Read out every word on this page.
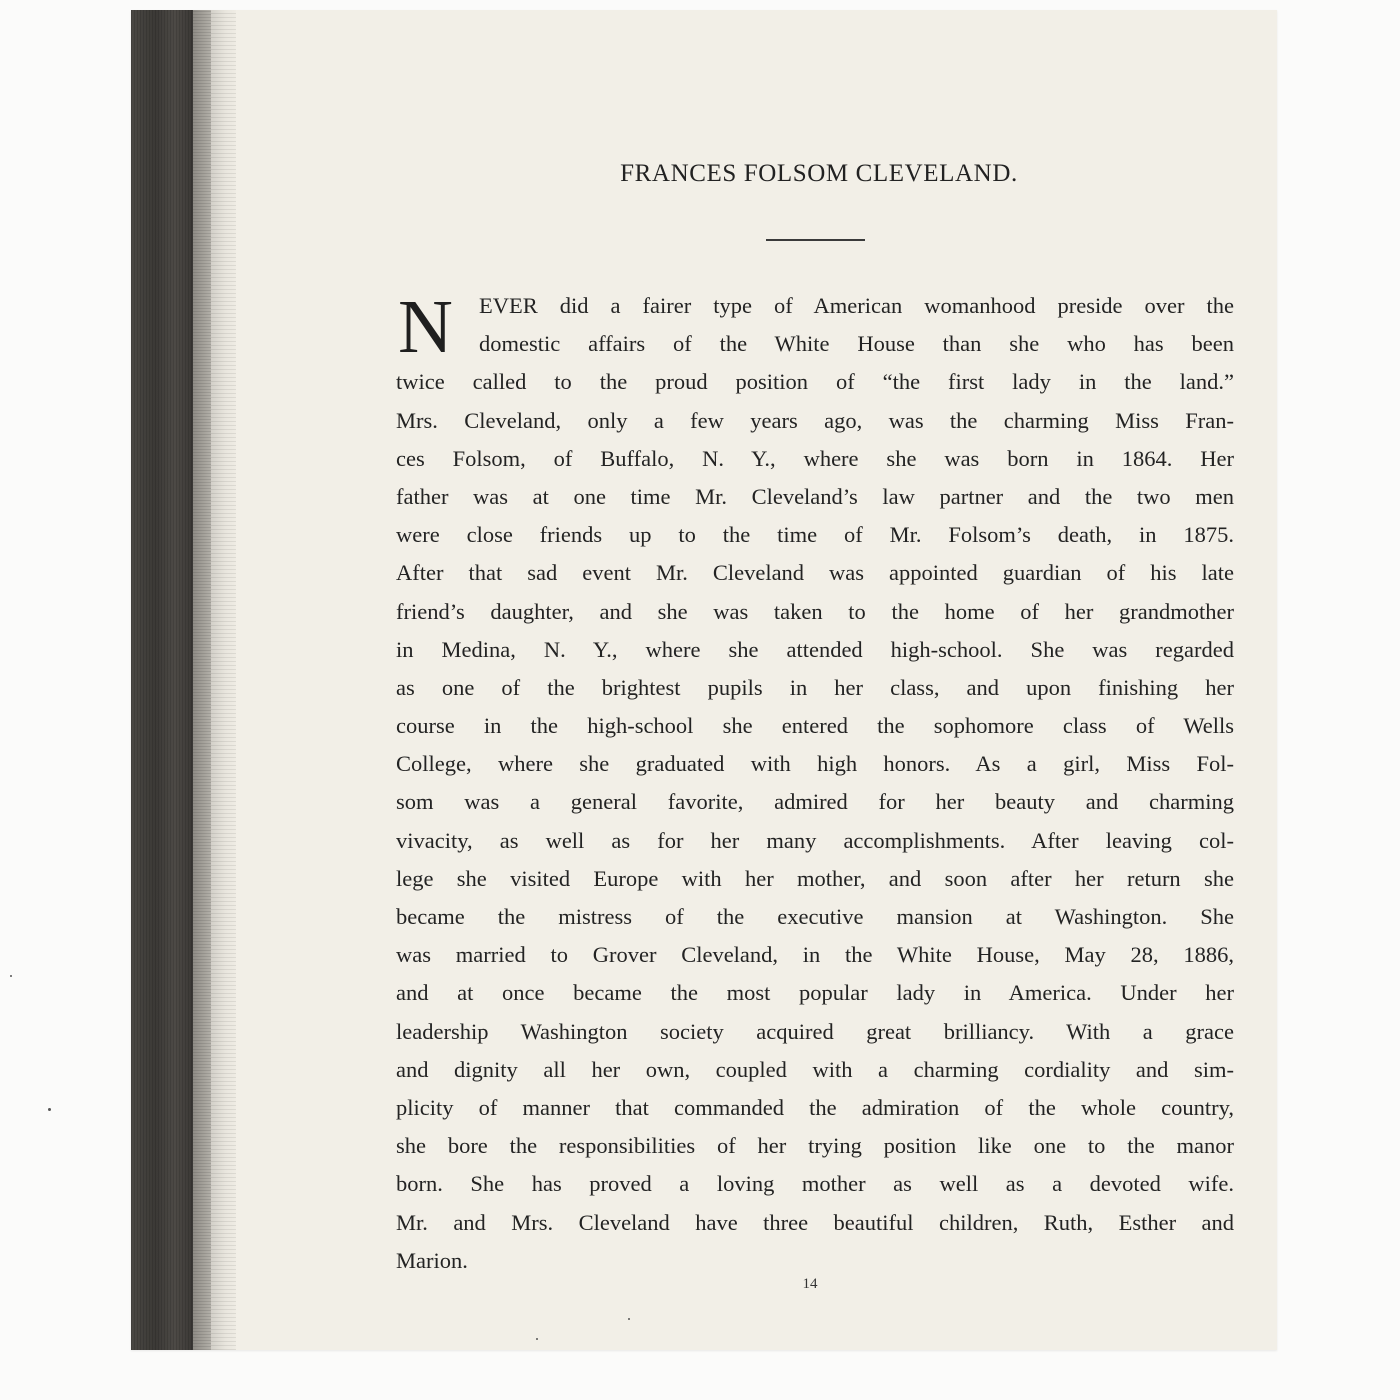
FRANCES FOLSOM CLEVELAND.
N	EVER did a fairer type of American womanhood preside over the
domestic affairs of the White House than she who has been
twice called to the proud position of “the first lady in the land.”
Mrs. Cleveland, only a few years ago, was the charming Miss Fran-
ces Folsom, of Buffalo, N. Y., where she was born in 1864. Her
father was at one time Mr. Cleveland’s law partner and the two men
were close friends up to the time of Mr. Folsom’s death, in 1875.
After that sad event Mr. Cleveland was appointed guardian of his late
friend’s daughter, and she was taken to the home of her grandmother
in Medina, N. Y., where she attended high-school. She was regarded
as one of the brightest pupils in her class, and upon finishing her
course in the high-school she entered the sophomore class of Wells
College, where she graduated with high honors. As a girl, Miss Fol-
som was a general favorite, admired for her beauty and charming
vivacity, as well as for her many accomplishments. After leaving col-
lege she visited Europe with her mother, and soon after her return she
became the mistress of the executive mansion at Washington. She
was married to Grover Cleveland, in the White House, May 28, 1886,
and at once became the most popular lady in America. Under her
leadership Washington society acquired great brilliancy. With a grace
and dignity all her own, coupled with a charming cordiality and sim-
plicity of manner that commanded the admiration of the whole country,
she bore the responsibilities of her trying position like one to the manor
born. She has proved a loving mother as well as a devoted wife.
Mr. and Mrs. Cleveland have three beautiful children, Ruth, Esther and
Marion.
14
